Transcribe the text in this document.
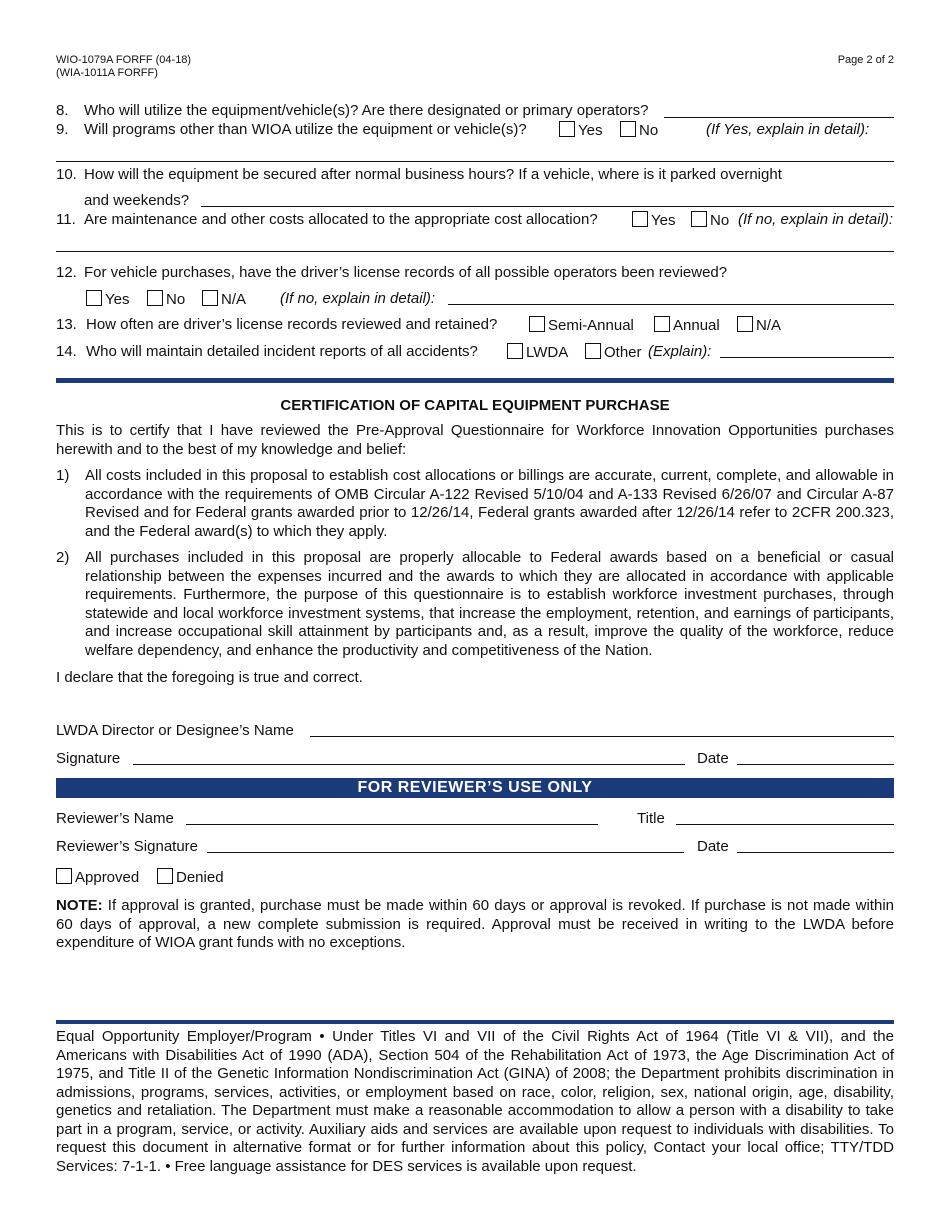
WIO-1079A FORFF (04-18)
(WIA-1011A FORFF)
Page 2 of 2
8. Who will utilize the equipment/vehicle(s)? Are there designated or primary operators?
9. Will programs other than WIOA utilize the equipment or vehicle(s)?	Yes	No	(If Yes, explain in detail):
10. How will the equipment be secured after normal business hours? If a vehicle, where is it parked overnight
and weekends?
11. Are maintenance and other costs allocated to the appropriate cost allocation?	Yes	No (If no, explain in detail):
12. For vehicle purchases, have the driver’s license records of all possible operators been reviewed?
Yes	No	N/A (If no, explain in detail):
13. How often are driver’s license records reviewed and retained?	Semi-Annual	Annual	N/A
14. Who will maintain detailed incident reports of all accidents?	LWDA	Other (Explain):
CERTIFICATION OF CAPITAL EQUIPMENT PURCHASE
This is to certify that I have reviewed the Pre-Approval Questionnaire for Workforce Innovation Opportunities purchases herewith and to the best of my knowledge and belief:
1) All costs included in this proposal to establish cost allocations or billings are accurate, current, complete, and allowable in accordance with the requirements of OMB Circular A-122 Revised 5/10/04 and A-133 Revised 6/26/07 and Circular A-87 Revised and for Federal grants awarded prior to 12/26/14, Federal grants awarded after 12/26/14 refer to 2CFR 200.323, and the Federal award(s) to which they apply.
2) All purchases included in this proposal are properly allocable to Federal awards based on a beneficial or casual relationship between the expenses incurred and the awards to which they are allocated in accordance with applicable requirements. Furthermore, the purpose of this questionnaire is to establish workforce investment purchases, through statewide and local workforce investment systems, that increase the employment, retention, and earnings of participants, and increase occupational skill attainment by participants and, as a result, improve the quality of the workforce, reduce welfare dependency, and enhance the productivity and competitiveness of the Nation.
I declare that the foregoing is true and correct.
LWDA Director or Designee’s Name
Signature	Date
FOR REVIEWER’S USE ONLY
Reviewer’s Name	Title
Reviewer’s Signature	Date
Approved	Denied
NOTE: If approval is granted, purchase must be made within 60 days or approval is revoked. If purchase is not made within 60 days of approval, a new complete submission is required. Approval must be received in writing to the LWDA before expenditure of WIOA grant funds with no exceptions.
Equal Opportunity Employer/Program • Under Titles VI and VII of the Civil Rights Act of 1964 (Title VI & VII), and the Americans with Disabilities Act of 1990 (ADA), Section 504 of the Rehabilitation Act of 1973, the Age Discrimination Act of 1975, and Title II of the Genetic Information Nondiscrimination Act (GINA) of 2008; the Department prohibits discrimination in admissions, programs, services, activities, or employment based on race, color, religion, sex, national origin, age, disability, genetics and retaliation. The Department must make a reasonable accommodation to allow a person with a disability to take part in a program, service, or activity. Auxiliary aids and services are available upon request to individuals with disabilities. To request this document in alternative format or for further information about this policy, Contact your local office; TTY/TDD Services: 7-1-1. • Free language assistance for DES services is available upon request.
